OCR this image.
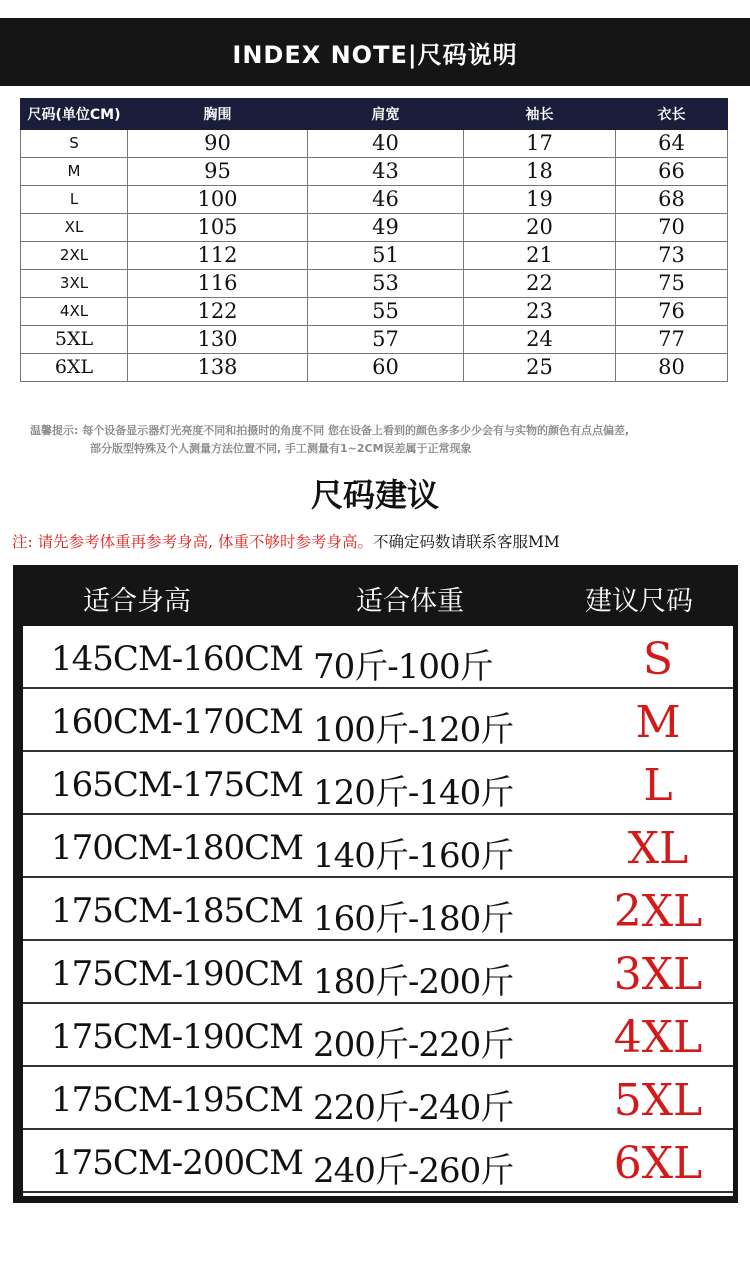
INDEX NOTE|尺码说明
尺码(单位CM)	胸围	肩宽	袖长	衣长
S	90	40	17	64
M	95	43	18	66
L	100	46	19	68
XL	105	49	20	70
2XL	112	51	21	73
3XL	116	53	22	75
4XL	122	55	23	76
5XL	130	57	24	77
6XL	138	60	25	80
温馨提示: 每个设备显示器灯光亮度不同和拍摄时的角度不同 您在设备上看到的颜色多多少少会有与实物的颜色有点点偏差,
部分版型特殊及个人测量方法位置不同, 手工测量有1~2CM误差属于正常现象
尺码建议
注: 请先参考体重再参考身高, 体重不够时参考身高。不确定码数请联系客服MM
适合身高	适合体重	建议尺码
145CM-160CM 70斤-100斤	S
160CM-170CM 100斤-120斤	M
165CM-175CM 120斤-140斤	L
170CM-180CM 140斤-160斤	XL
175CM-185CM 160斤-180斤	2XL
175CM-190CM 180斤-200斤	3XL
175CM-190CM 200斤-220斤	4XL
175CM-195CM 220斤-240斤	5XL
175CM-200CM 240斤-260斤	6XL
